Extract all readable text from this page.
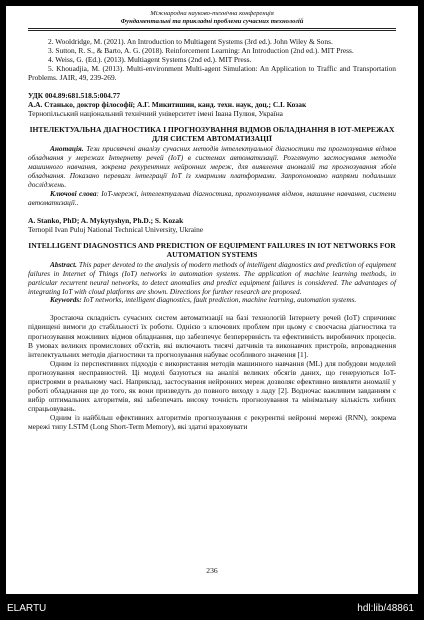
Міжнародна науково-технічна конференція
Фундаментальні та прикладні проблеми сучасних технологій

2. Wooldridge, M. (2021). An Introduction to Multiagent Systems (3rd ed.). John Wiley & Sons.

3. Sutton, R. S., & Barto, A. G. (2018). Reinforcement Learning: An Introduction (2nd ed.). MIT Press.

4. Weiss, G. (Ed.). (2013). Multiagent Systems (2nd ed.). MIT Press.

5. Khouadjia, M. (2013). Multi-environment Multi-agent Simulation: An Application to Traffic and Transportation Problems. JAIR, 49, 239-269.

УДК 004.89:681.518.5:004.77

А.А. Станько, доктор філософії; А.Г. Микитишин, канд. техн. наук, доц.; С.І. Козак

Тернопільський національний технічний університет імені Івана Пулюя, Україна

ІНТЕЛЕКТУАЛЬНА ДІАГНОСТИКА І ПРОГНОЗУВАННЯ ВІДМОВ ОБЛАДНАННЯ В ІОТ-МЕРЕЖАХ ДЛЯ СИСТЕМ АВТОМАТИЗАЦІЇ

Анотація. Тези присвячені аналізу сучасних методів інтелектуальної діагностики та прогнозування відмов обладнання у мережах Інтернету речей (IoT) в системах автоматизації. Розглянуто застосування методів машинного навчання, зокрема рекурентних нейронних мереж, для виявлення аномалій та прогнозування збоїв обладнання. Показано переваги інтеграції IoT із хмарними платформами. Запропоновано напрями подальших досліджень.

Ключові слова: IoT-мережі, інтелектуальна діагностика, прогнозування відмов, машинне навчання, системи автоматизації..

A. Stanko, PhD; A. Mykytyshyn, Ph.D.; S. Kozak

Ternopil Ivan Puluj National Technical University, Ukraine

INTELLIGENT DIAGNOSTICS AND PREDICTION OF EQUIPMENT FAILURES IN IOT NETWORKS FOR AUTOMATION SYSTEMS

Abstract. This paper devoted to the analysis of modern methods of intelligent diagnostics and prediction of equipment failures in Internet of Things (IoT) networks in automation systems. The application of machine learning methods, in particular recurrent neural networks, to detect anomalies and predict equipment failures is considered. The advantages of integrating IoT with cloud platforms are shown. Directions for further research are proposed.

Keywords: IoT networks, intelligent diagnostics, fault prediction, machine learning, automation systems.

Зростаюча складність сучасних систем автоматизації на базі технологій Інтернету речей (IoT) спричиняє підвищені вимоги до стабільності їх роботи. Однією з ключових проблем при цьому є своєчасна діагностика та прогнозування можливих відмов обладнання, що забезпечує безперервність та ефективність виробничих процесів. В умовах великих промислових об'єктів, які включають тисячі датчиків та виконавчих пристроїв, впровадження інтелектуальних методів діагностики та прогнозування набуває особливого значення [1].

Одним із перспективних підходів є використання методів машинного навчання (ML) для побудови моделей прогнозування несправностей. Ці моделі базуються на аналізі великих обсягів даних, що генеруються IoT-пристроями в реальному часі. Наприклад, застосування нейронних мереж дозволяє ефективно виявляти аномалії у роботі обладнання ще до того, як вони призведуть до повного виходу з ладу [2]. Водночас важливим завданням є вибір оптимальних алгоритмів, які забезпечать високу точність прогнозування та мінімальну кількість хибних спрацьовувань.

Одним із найбільш ефективних алгоритмів прогнозування є рекурентні нейронні мережі (RNN), зокрема мережі типу LSTM (Long Short-Term Memory), які здатні враховувати

236
ELARTU	hdl:lib/48861
